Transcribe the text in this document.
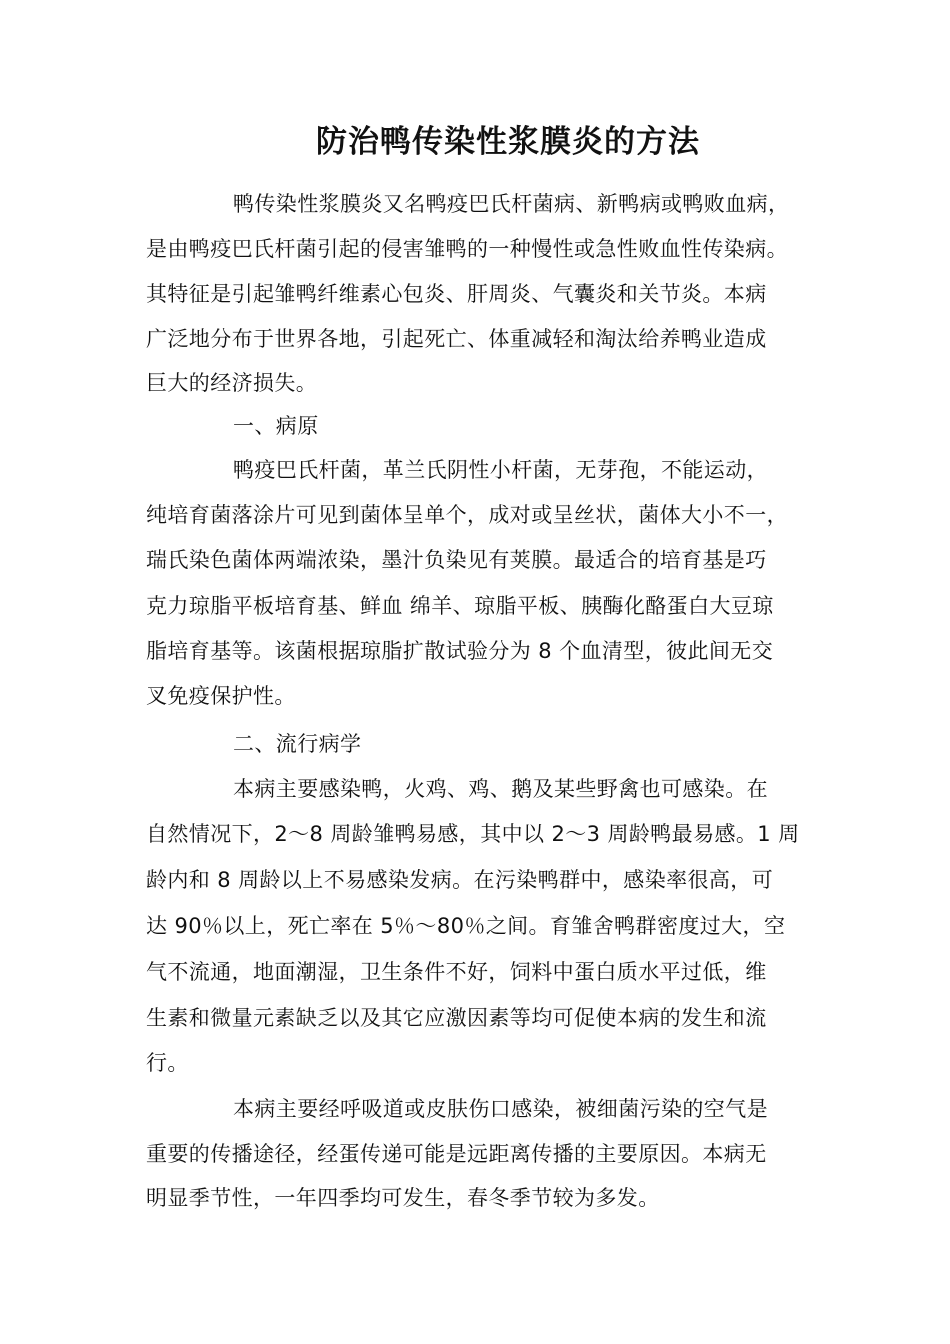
防治鸭传染性浆膜炎的方法

鸭传染性浆膜炎又名鸭疫巴氏杆菌病、新鸭病或鸭败血病，

是由鸭疫巴氏杆菌引起的侵害雏鸭的一种慢性或急性败血性传染病。

其特征是引起雏鸭纤维素心包炎、肝周炎、气囊炎和关节炎。本病

广泛地分布于世界各地，引起死亡、体重减轻和淘汰给养鸭业造成

巨大的经济损失。

一、病原

鸭疫巴氏杆菌，革兰氏阴性小杆菌，无芽孢，不能运动，

纯培育菌落涂片可见到菌体呈单个，成对或呈丝状，菌体大小不一，

瑞氏染色菌体两端浓染，墨汁负染见有荚膜。最适合的培育基是巧

克力琼脂平板培育基、鲜血 绵羊、琼脂平板、胰酶化酪蛋白大豆琼

脂培育基等。该菌根据琼脂扩散试验分为 8 个血清型，彼此间无交

叉免疫保护性。

二、流行病学

本病主要感染鸭，火鸡、鸡、鹅及某些野禽也可感染。在

自然情况下，2～8 周龄雏鸭易感，其中以 2～3 周龄鸭最易感。1 周

龄内和 8 周龄以上不易感染发病。在污染鸭群中，感染率很高，可

达 90％以上，死亡率在 5％～80％之间。育雏舍鸭群密度过大，空

气不流通，地面潮湿，卫生条件不好，饲料中蛋白质水平过低，维

生素和微量元素缺乏以及其它应激因素等均可促使本病的发生和流

行。

本病主要经呼吸道或皮肤伤口感染，被细菌污染的空气是

重要的传播途径，经蛋传递可能是远距离传播的主要原因。本病无

明显季节性，一年四季均可发生，春冬季节较为多发。
